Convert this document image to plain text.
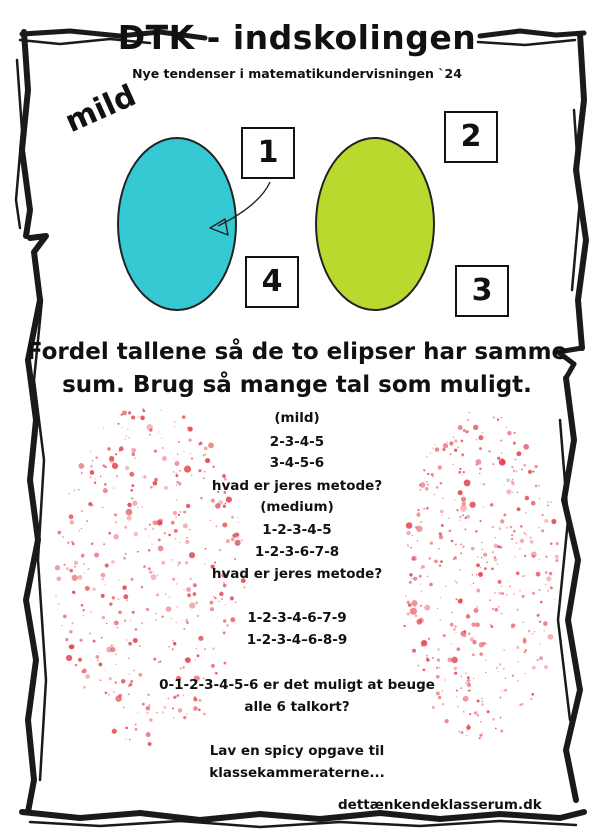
DTK - indskolingen
Nye tendenser i matematikundervisningen `24
mild
1	2
3
4
Fordel tallene så de to elipser har samme
sum. Brug så mange tal som muligt.
(mild)
2-3-4-5
3-4-5-6
hvad er jeres metode?
(medium)
1-2-3-4-5
1-2-3-6-7-8
hvad er jeres metode?
1-2-3-4-6-7-9
1-2-3-4–6-8-9
0-1-2-3-4-5-6 er det muligt at beuge
alle 6 talkort?
Lav en spicy opgave til
klassekammeraterne...
dettænkendeklasserum.dk
